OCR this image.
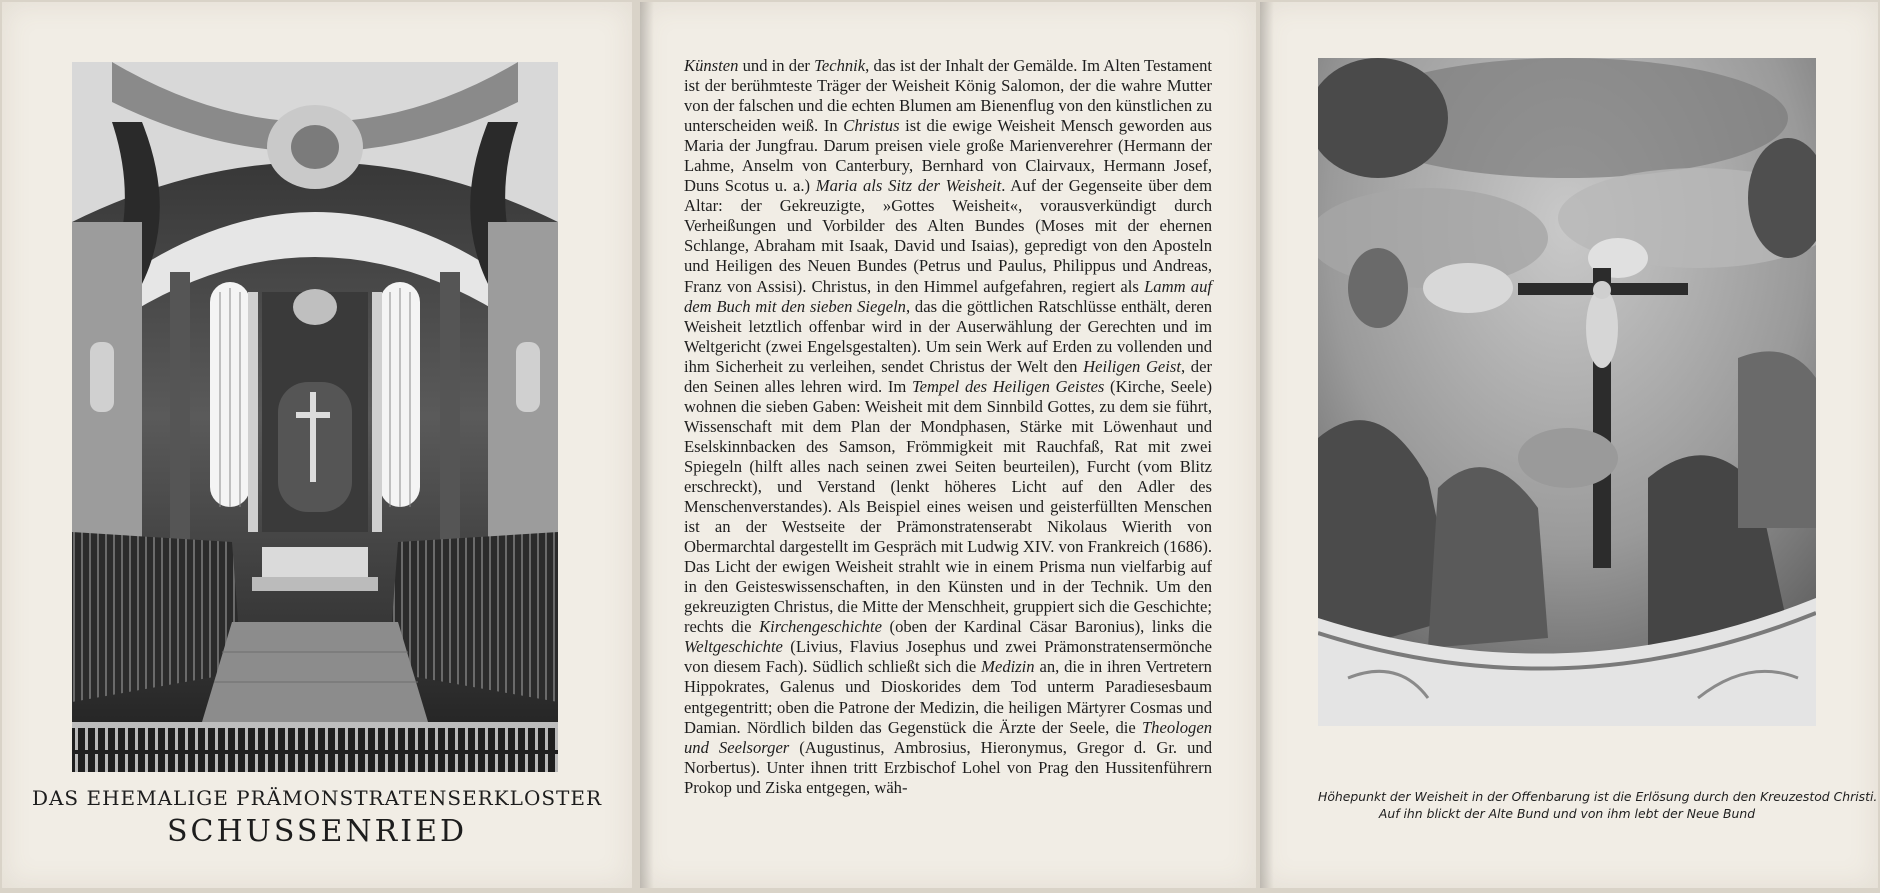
DAS EHEMALIGE PRÄMONSTRATENSERKLOSTER
SCHUSSENRIED

Künsten und in der Technik, das ist der Inhalt der Gemälde. Im Alten Testament ist der berühmteste Träger der Weisheit König Salomon, der die wahre Mutter von der falschen und die echten Blumen am Bienenflug von den künstlichen zu unterscheiden weiß. In Christus ist die ewige Weisheit Mensch geworden aus Maria der Jungfrau. Darum preisen viele große Marienverehrer (Hermann der Lahme, Anselm von Canterbury, Bernhard von Clairvaux, Hermann Josef, Duns Scotus u. a.) Maria als Sitz der Weisheit. Auf der Gegenseite über dem Altar: der Gekreuzigte, »Gottes Weisheit«, vorausverkündigt durch Verheißungen und Vorbilder des Alten Bundes (Moses mit der ehernen Schlange, Abraham mit Isaak, David und Isaias), gepredigt von den Aposteln und Heiligen des Neuen Bundes (Petrus und Paulus, Philippus und Andreas, Franz von Assisi). Christus, in den Himmel aufgefahren, regiert als Lamm auf dem Buch mit den sieben Siegeln, das die göttlichen Ratschlüsse enthält, deren Weisheit letztlich offenbar wird in der Auserwählung der Gerechten und im Weltgericht (zwei Engelsgestalten). Um sein Werk auf Erden zu vollenden und ihm Sicherheit zu verleihen, sendet Christus der Welt den Heiligen Geist, der den Seinen alles lehren wird. Im Tempel des Heiligen Geistes (Kirche, Seele) wohnen die sieben Gaben: Weisheit mit dem Sinnbild Gottes, zu dem sie führt, Wissenschaft mit dem Plan der Mondphasen, Stärke mit Löwenhaut und Eselskinnbacken des Samson, Frömmigkeit mit Rauchfaß, Rat mit zwei Spiegeln (hilft alles nach seinen zwei Seiten beurteilen), Furcht (vom Blitz erschreckt), und Verstand (lenkt höheres Licht auf den Adler des Menschenverstandes). Als Beispiel eines weisen und geisterfüllten Menschen ist an der Westseite der Prämonstratenserabt Nikolaus Wierith von Obermarchtal dargestellt im Gespräch mit Ludwig XIV. von Frankreich (1686). Das Licht der ewigen Weisheit strahlt wie in einem Prisma nun vielfarbig auf in den Geisteswissenschaften, in den Künsten und in der Technik. Um den gekreuzigten Christus, die Mitte der Menschheit, gruppiert sich die Geschichte; rechts die Kirchengeschichte (oben der Kardinal Cäsar Baronius), links die Weltgeschichte (Livius, Flavius Josephus und zwei Prämonstratensermönche von diesem Fach). Südlich schließt sich die Medizin an, die in ihren Vertretern Hippokrates, Galenus und Dioskorides dem Tod unterm Paradiesesbaum entgegentritt; oben die Patrone der Medizin, die heiligen Märtyrer Cosmas und Damian. Nördlich bilden das Gegenstück die Ärzte der Seele, die Theologen und Seelsorger (Augustinus, Ambrosius, Hieronymus, Gregor d. Gr. und Norbertus). Unter ihnen tritt Erzbischof Lohel von Prag den Hussitenführern Prokop und Ziska entgegen, wäh-	Höhepunkt der Weisheit in der Offenbarung ist die Erlösung durch den Kreuzestod Christi.
Auf ihn blickt der Alte Bund und von ihm lebt der Neue Bund
